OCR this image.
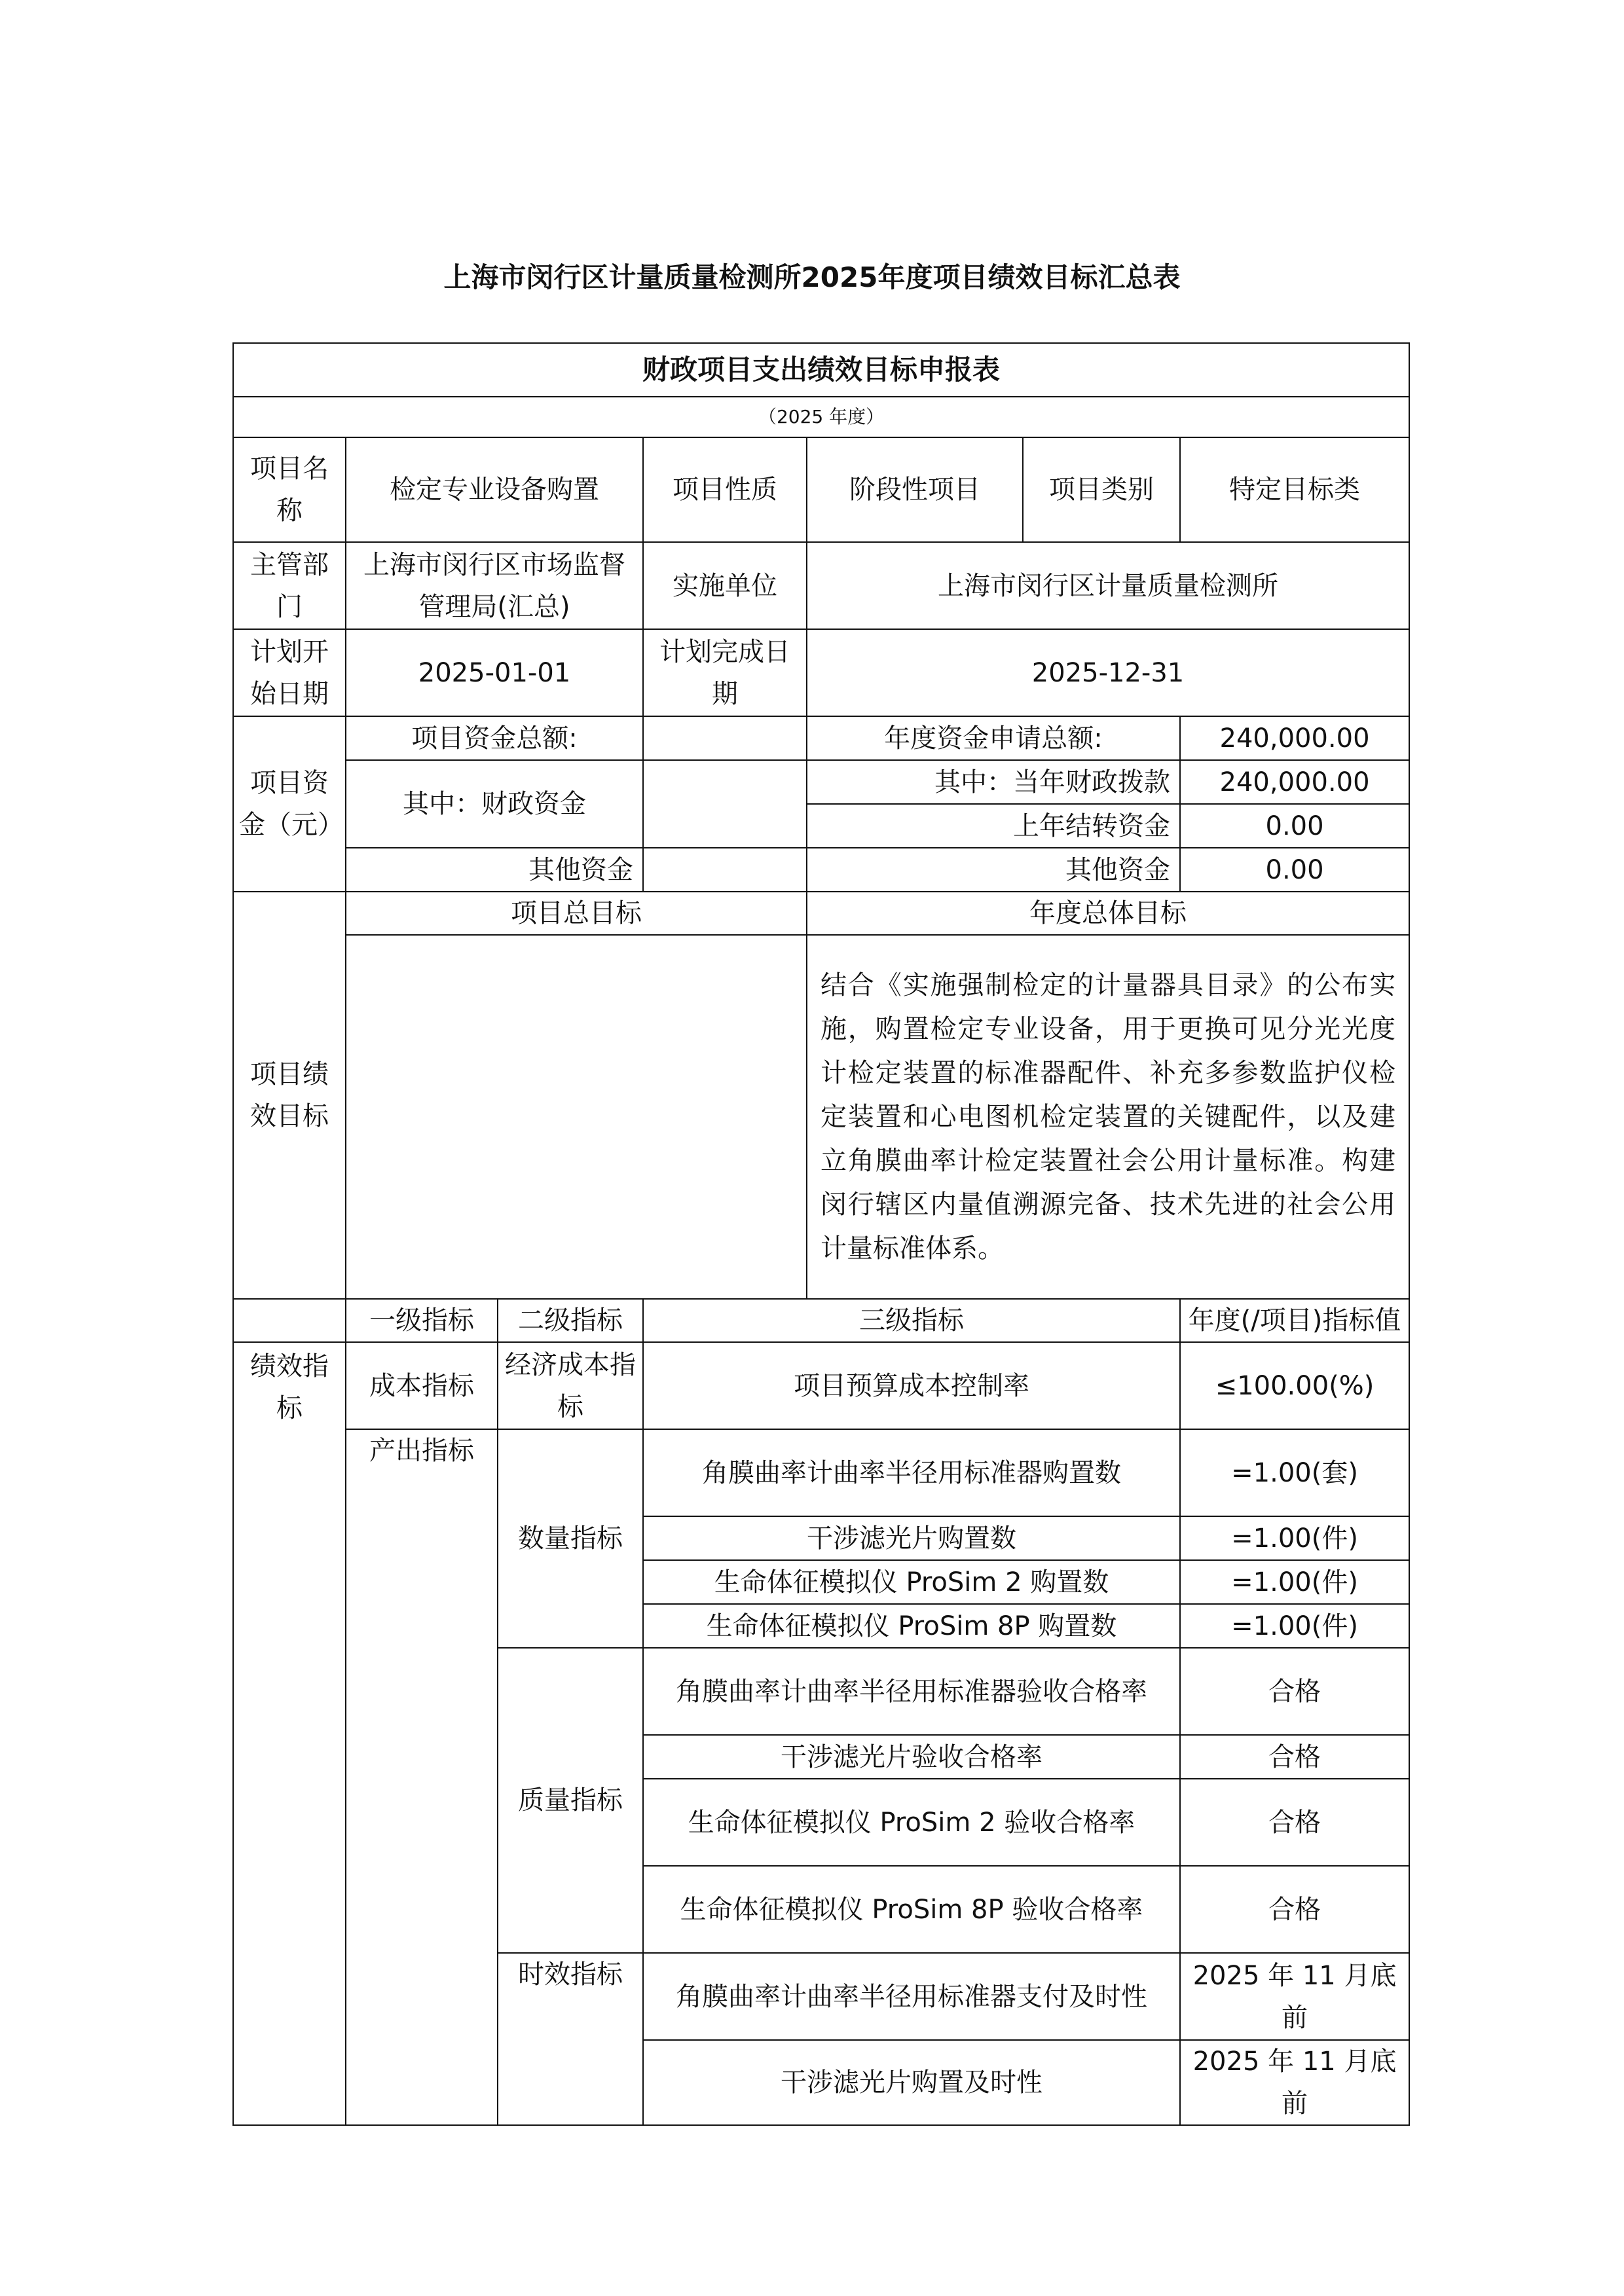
上海市闵行区计量质量检测所2025年度项目绩效目标汇总表
财政项目支出绩效目标申报表						
（2025 年度）						
项目名称	检定专业设备购置		项目性质	阶段性项目	项目类别	特定目标类
主管部门	上海市闵行区市场监督管理局(汇总)		实施单位	上海市闵行区计量质量检测所		
计划开始日期	2025-01-01		计划完成日期	2025-12-31		
项目资金（元）	项目资金总额:			年度资金申请总额:		240,000.00
	其中：财政资金			其中：当年财政拨款		240,000.00
				上年结转资金		0.00
	其他资金			其他资金		0.00
项目绩效目标	项目总目标			年度总体目标		
				结合《实施强制检定的计量器具目录》的公布实施，购置检定专业设备，用于更换可见分光光度计检定装置的标准器配件、补充多参数监护仪检定装置和心电图机检定装置的关键配件，以及建立角膜曲率计检定装置社会公用计量标准。构建闵行辖区内量值溯源完备、技术先进的社会公用计量标准体系。		
	一级指标	二级指标	三级指标			年度(/项目)指标值
绩效指标	成本指标	经济成本指标	项目预算成本控制率			≤100.00(%)
	产出指标	数量指标	角膜曲率计曲率半径用标准器购置数			=1.00(套)
			干涉滤光片购置数			=1.00(件)
			生命体征模拟仪 ProSim 2 购置数			=1.00(件)
			生命体征模拟仪 ProSim 8P 购置数			=1.00(件)
		质量指标	角膜曲率计曲率半径用标准器验收合格率			合格
			干涉滤光片验收合格率			合格
			生命体征模拟仪 ProSim 2 验收合格率			合格
			生命体征模拟仪 ProSim 8P 验收合格率			合格
		时效指标	角膜曲率计曲率半径用标准器支付及时性			2025 年 11 月底前
			干涉滤光片购置及时性			2025 年 11 月底前
